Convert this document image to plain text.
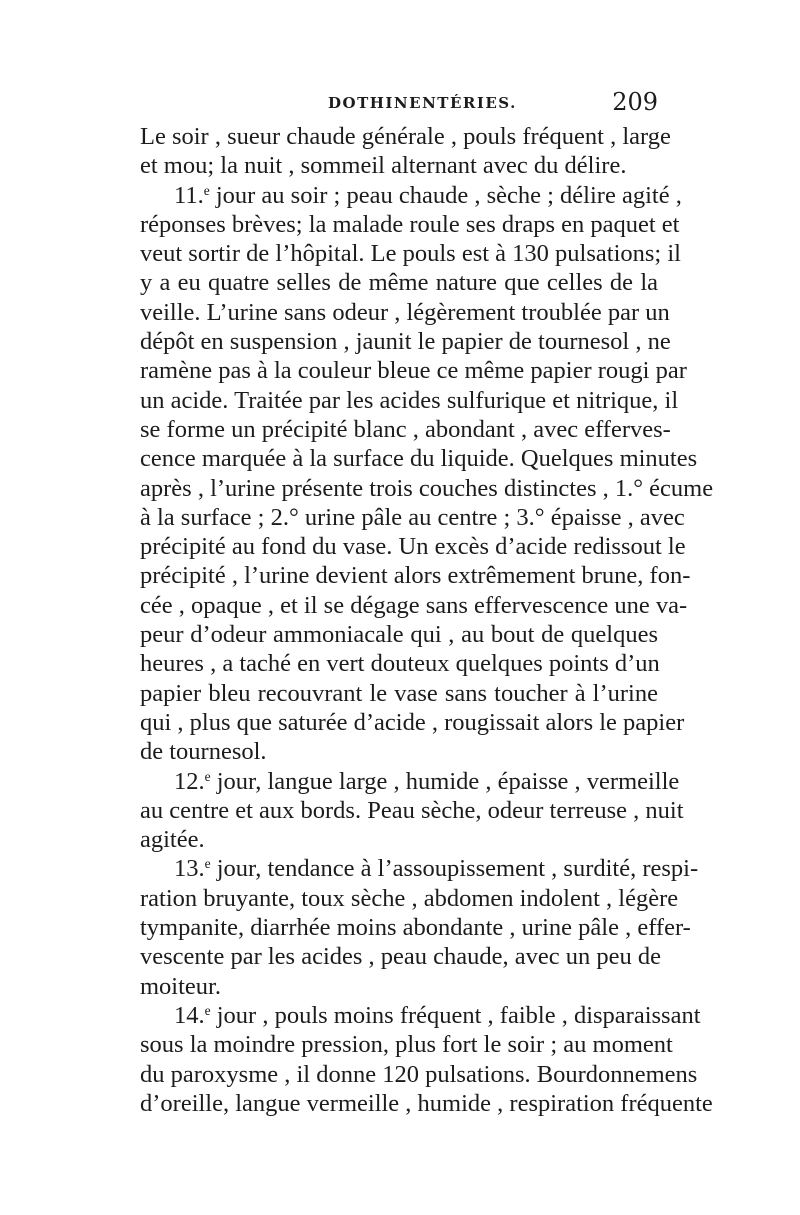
DOTHINENTÉRIES.	209
Le soir , sueur chaude générale , pouls fréquent , large
et mou; la nuit , sommeil alternant avec du délire.
11.$^e$ jour au soir ; peau chaude , sèche ; délire agité ,
réponses brèves; la malade roule ses draps en paquet et
veut sortir de l’hôpital. Le pouls est à 130 pulsations; il
y a eu quatre selles de même nature que celles de la
veille. L’urine sans odeur , légèrement troublée par un
dépôt en suspension , jaunit le papier de tournesol , ne
ramène pas à la couleur bleue ce même papier rougi par
un acide. Traitée par les acides sulfurique et nitrique, il
se forme un précipité blanc , abondant , avec efferves-
cence marquée à la surface du liquide. Quelques minutes
après , l’urine présente trois couches distinctes , 1.° écume
à la surface ; 2.° urine pâle au centre ; 3.° épaisse , avec
précipité au fond du vase. Un excès d’acide redissout le
précipité , l’urine devient alors extrêmement brune, fon-
cée , opaque , et il se dégage sans effervescence une va-
peur d’odeur ammoniacale qui , au bout de quelques
heures , a taché en vert douteux quelques points d’un
papier bleu recouvrant le vase sans toucher à l’urine
qui , plus que saturée d’acide , rougissait alors le papier
de tournesol.
12.$^e$ jour, langue large , humide , épaisse , vermeille
au centre et aux bords. Peau sèche, odeur terreuse , nuit
agitée.
13.$^e$ jour, tendance à l’assoupissement , surdité, respi-
ration bruyante, toux sèche , abdomen indolent , légère
tympanite, diarrhée moins abondante , urine pâle , effer-
vescente par les acides , peau chaude, avec un peu de
moiteur.
14.$^e$ jour , pouls moins fréquent , faible , disparaissant
sous la moindre pression, plus fort le soir ; au moment
du paroxysme , il donne 120 pulsations. Bourdonnemens
d’oreille, langue vermeille , humide , respiration fréquente
